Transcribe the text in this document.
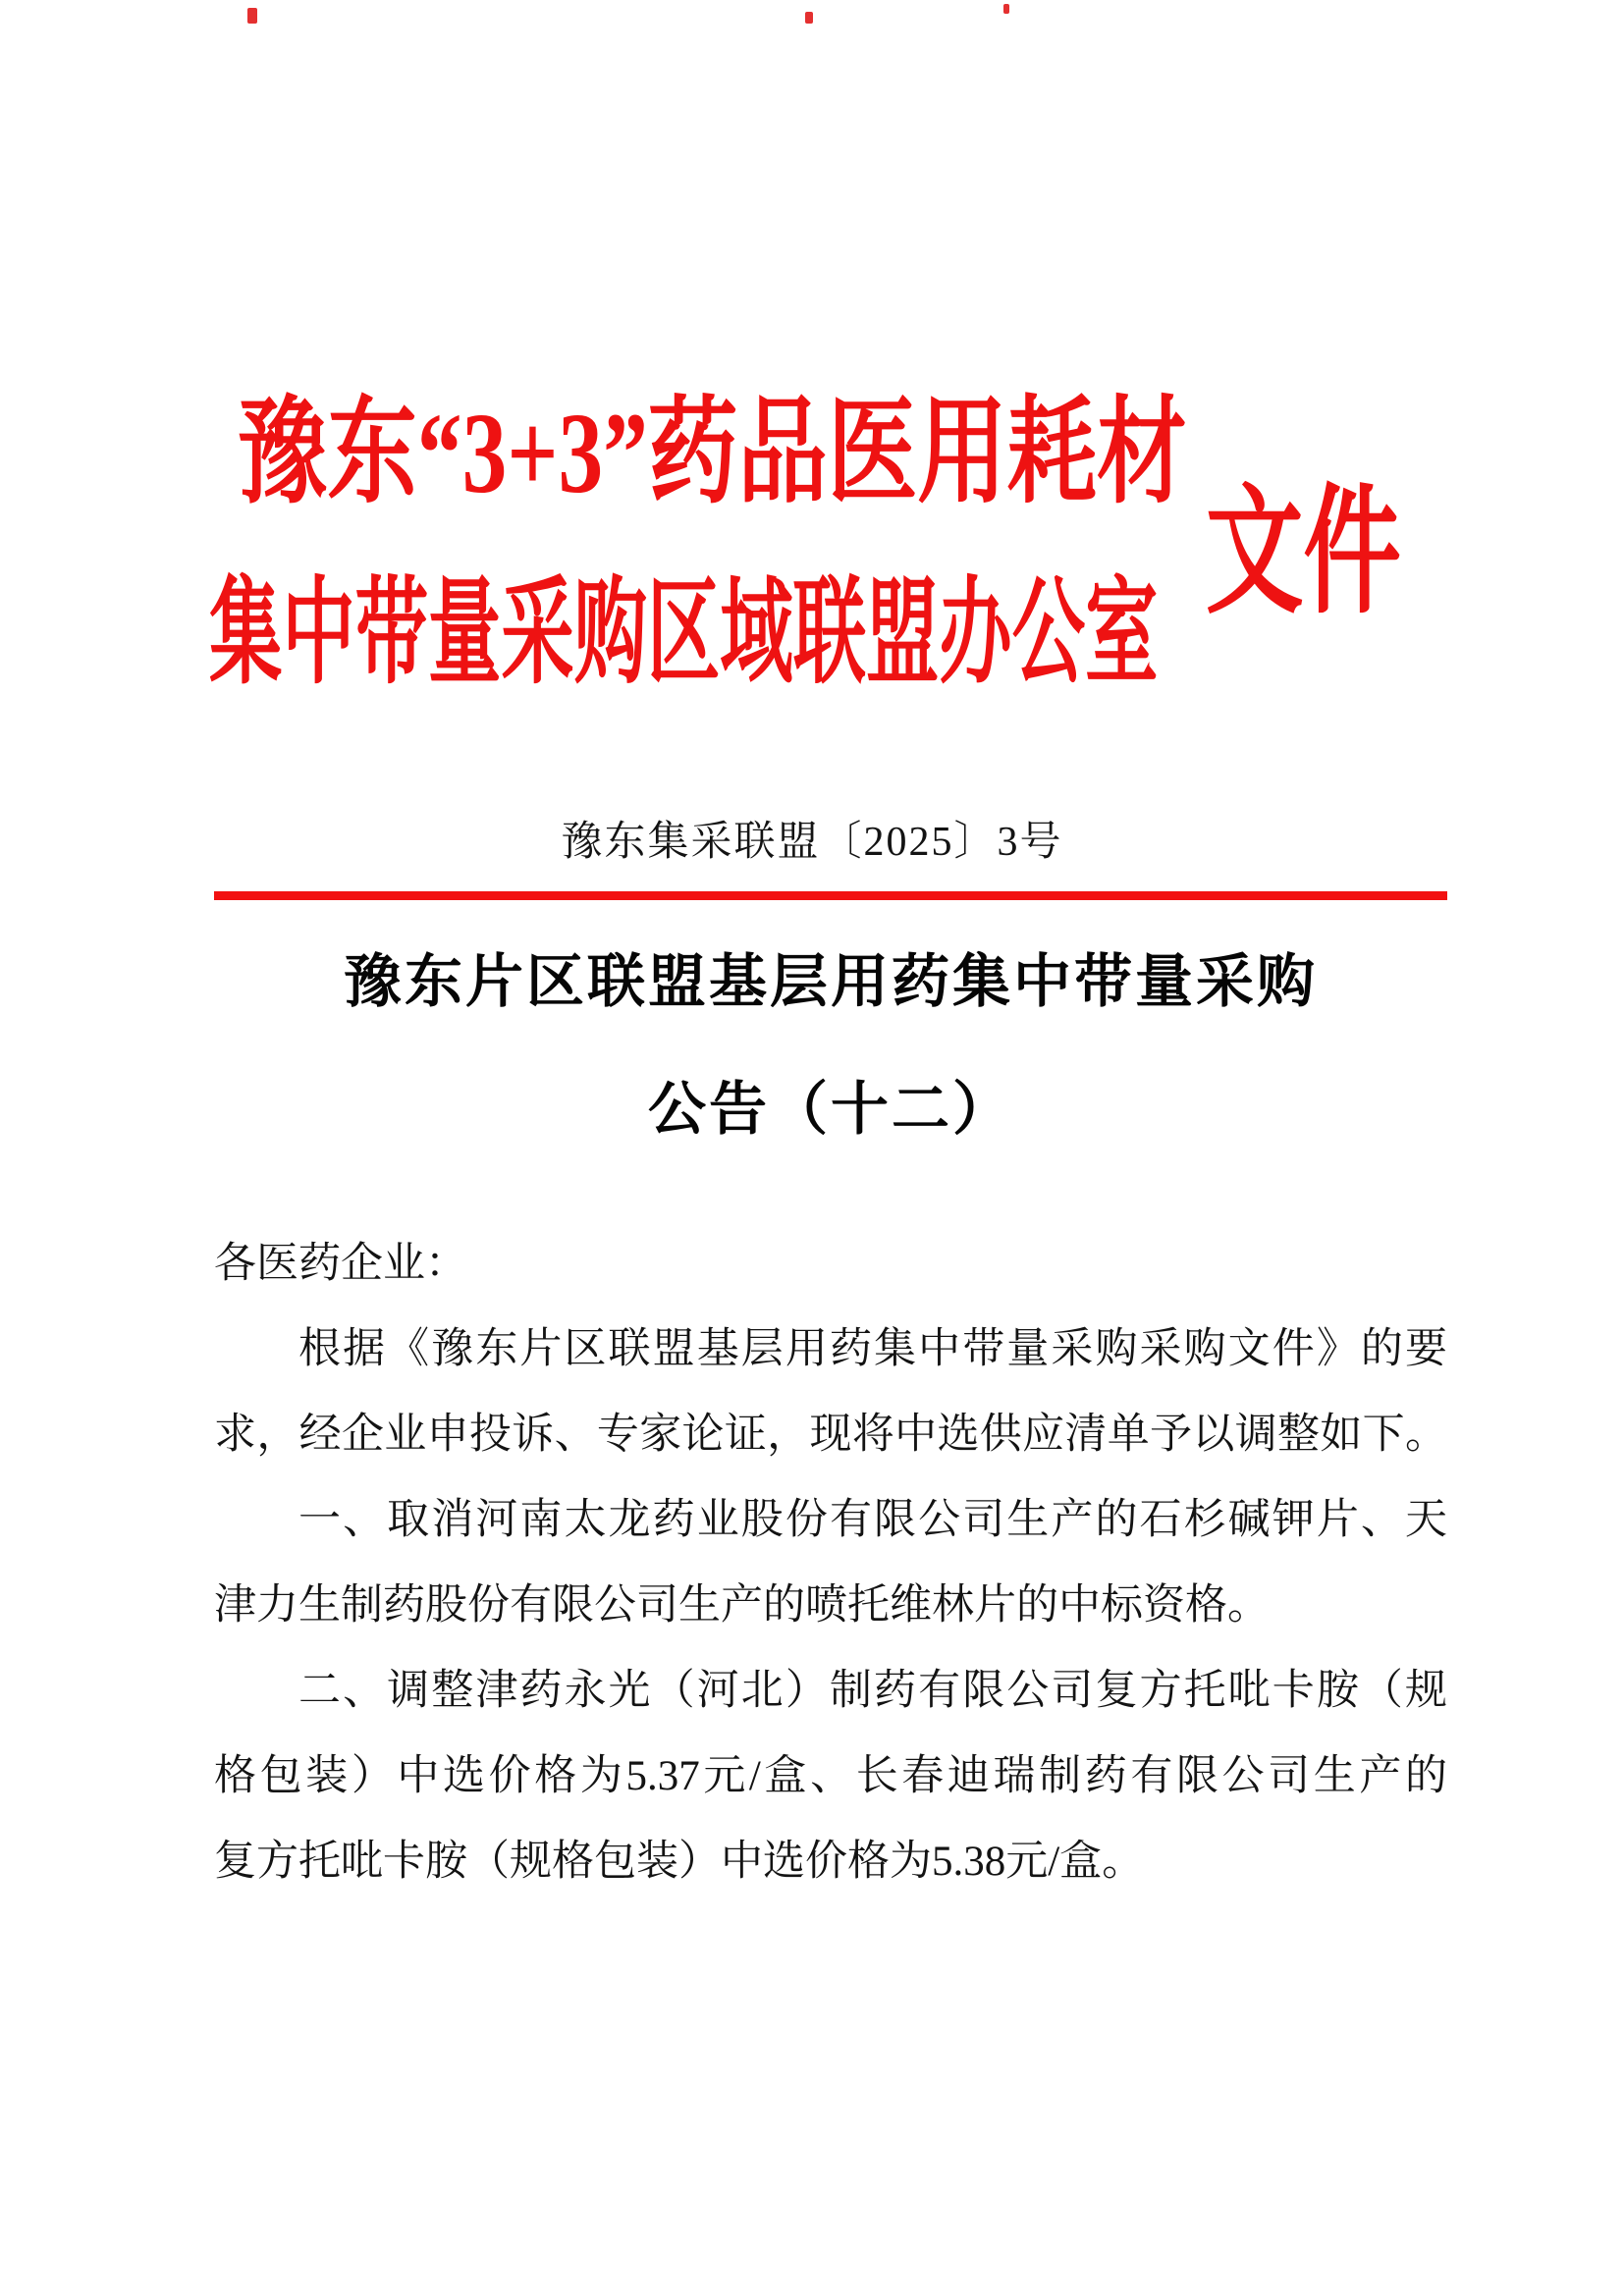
豫东“3+3”药品医用耗材
集中带量采购区域联盟办公室
文件
豫东集采联盟〔2025〕3号
豫东片区联盟基层用药集中带量采购
公告（十二）
各医药企业：
根据《豫东片区联盟基层用药集中带量采购采购文件》的要
求，经企业申投诉、专家论证，现将中选供应清单予以调整如下。
一、取消河南太龙药业股份有限公司生产的石杉碱钾片、天
津力生制药股份有限公司生产的喷托维林片的中标资格。
二、调整津药永光（河北）制药有限公司复方托吡卡胺（规
格包装）中选价格为5.37元/盒、长春迪瑞制药有限公司生产的
复方托吡卡胺（规格包装）中选价格为5.38元/盒。
